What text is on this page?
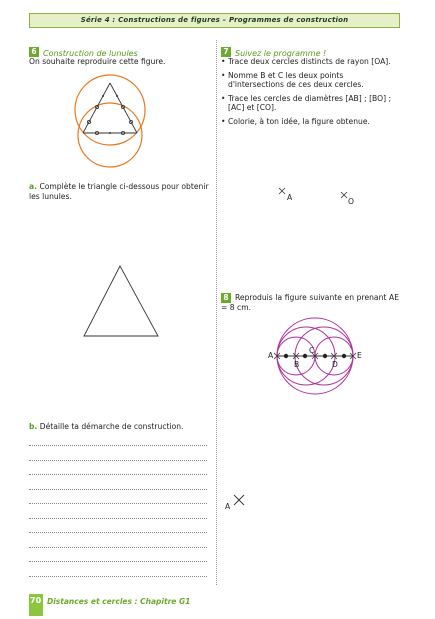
Série 4 : Constructions de figures – Programmes de construction
6 Construction de lunules
On souhaite reproduire cette figure.
a. Complète le triangle ci-dessous pour obtenir les lunules.
b. Détaille ta démarche de construction.
7 Suivez le programme !
• Trace deux cercles distincts de rayon [OA].
• Nomme B et C les deux points d'intersections de ces deux cercles.
• Trace les cercles de diamètres [AB] ; [BO] ; [AC] et [CO].
• Colorie, à ton idée, la figure obtenue.
A	O
8 Reproduis la figure suivante en prenant AE = 8 cm.
A
B
C
D
E
A
70 Distances et cercles : Chapitre G1
